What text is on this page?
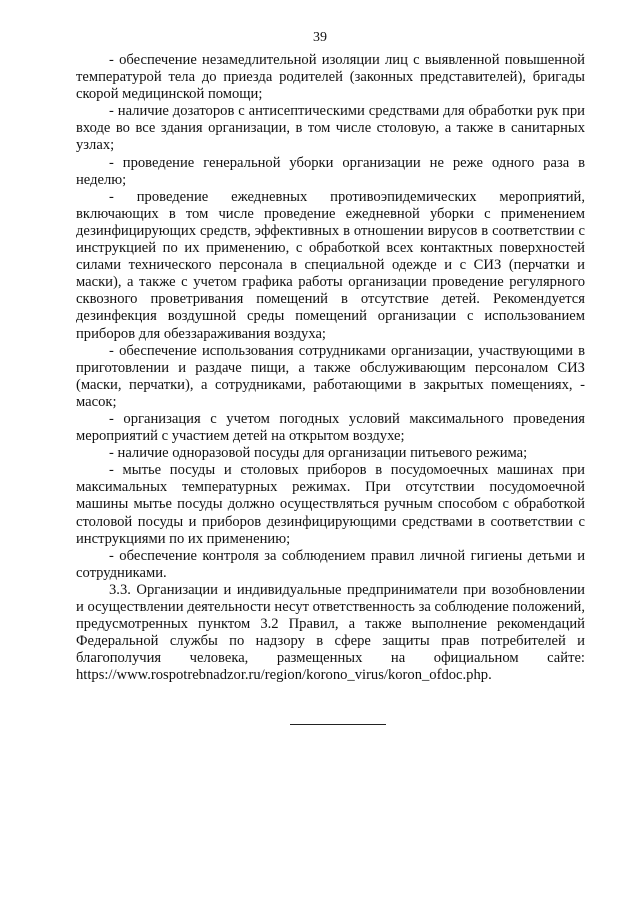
39

- обеспечение незамедлительной изоляции лиц с выявленной повышенной температурой тела до приезда родителей (законных представителей), бригады скорой медицинской помощи;

- наличие дозаторов с антисептическими средствами для обработки рук при входе во все здания организации, в том числе столовую, а также в санитарных узлах;

- проведение генеральной уборки организации не реже одного раза в неделю;

- проведение ежедневных противоэпидемических мероприятий, включающих в том числе проведение ежедневной уборки с применением дезинфицирующих средств, эффективных в отношении вирусов в соответствии с инструкцией по их применению, с обработкой всех контактных поверхностей силами технического персонала в специальной одежде и с СИЗ (перчатки и маски), а также с учетом графика работы организации проведение регулярного сквозного проветривания помещений в отсутствие детей. Рекомендуется дезинфекция воздушной среды помещений организации с использованием приборов для обеззараживания воздуха;

- обеспечение использования сотрудниками организации, участвующими в приготовлении и раздаче пищи, а также обслуживающим персоналом СИЗ (маски, перчатки), а сотрудниками, работающими в закрытых помещениях, - масок;

- организация с учетом погодных условий максимального проведения мероприятий с участием детей на открытом воздухе;

- наличие одноразовой посуды для организации питьевого режима;

- мытье посуды и столовых приборов в посудомоечных машинах при максимальных температурных режимах. При отсутствии посудомоечной машины мытье посуды должно осуществляться ручным способом с обработкой столовой посуды и приборов дезинфицирующими средствами в соответствии с инструкциями по их применению;

- обеспечение контроля за соблюдением правил личной гигиены детьми и сотрудниками.

3.3. Организации и индивидуальные предприниматели при возобновлении и осуществлении деятельности несут ответственность за соблюдение положений, предусмотренных пунктом 3.2 Правил, а также выполнение рекомендаций Федеральной службы по надзору в сфере защиты прав потребителей и благополучия человека, размещенных на официальном сайте: https://www.rospotrebnadzor.ru/region/korono_virus/koron_ofdoc.php.
